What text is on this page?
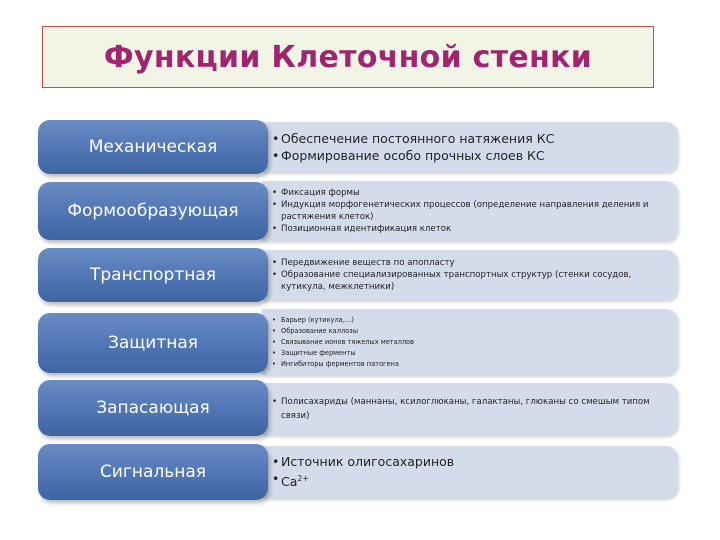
Функции Клеточной стенки
• Обеспечение постоянного натяжения КС
• Формирование особо прочных слоев КС
Механическая
• Фиксация формы
• Индукция морфогенетических процессов (определение направления деления и растяжения клеток)
• Позиционная идентификация клеток
Формообразующая
• Передвижение веществ по апопласту
• Образование специализированных транспортных структур (стенки сосудов, кутикула, межклетники)
Транспортная
• Барьер (кутикула,…)
• Образование каллозы
• Связывание ионов тяжелых металлов
• Защитные ферменты
• Ингибиторы ферментов патогена
Защитная
• Полисахариды (маннаны, ксилоглюканы, галактаны, глюканы со смешым типом связи)
Запасающая
• Источник олигосахаринов
• $Са^{2+}$
Сигнальная
